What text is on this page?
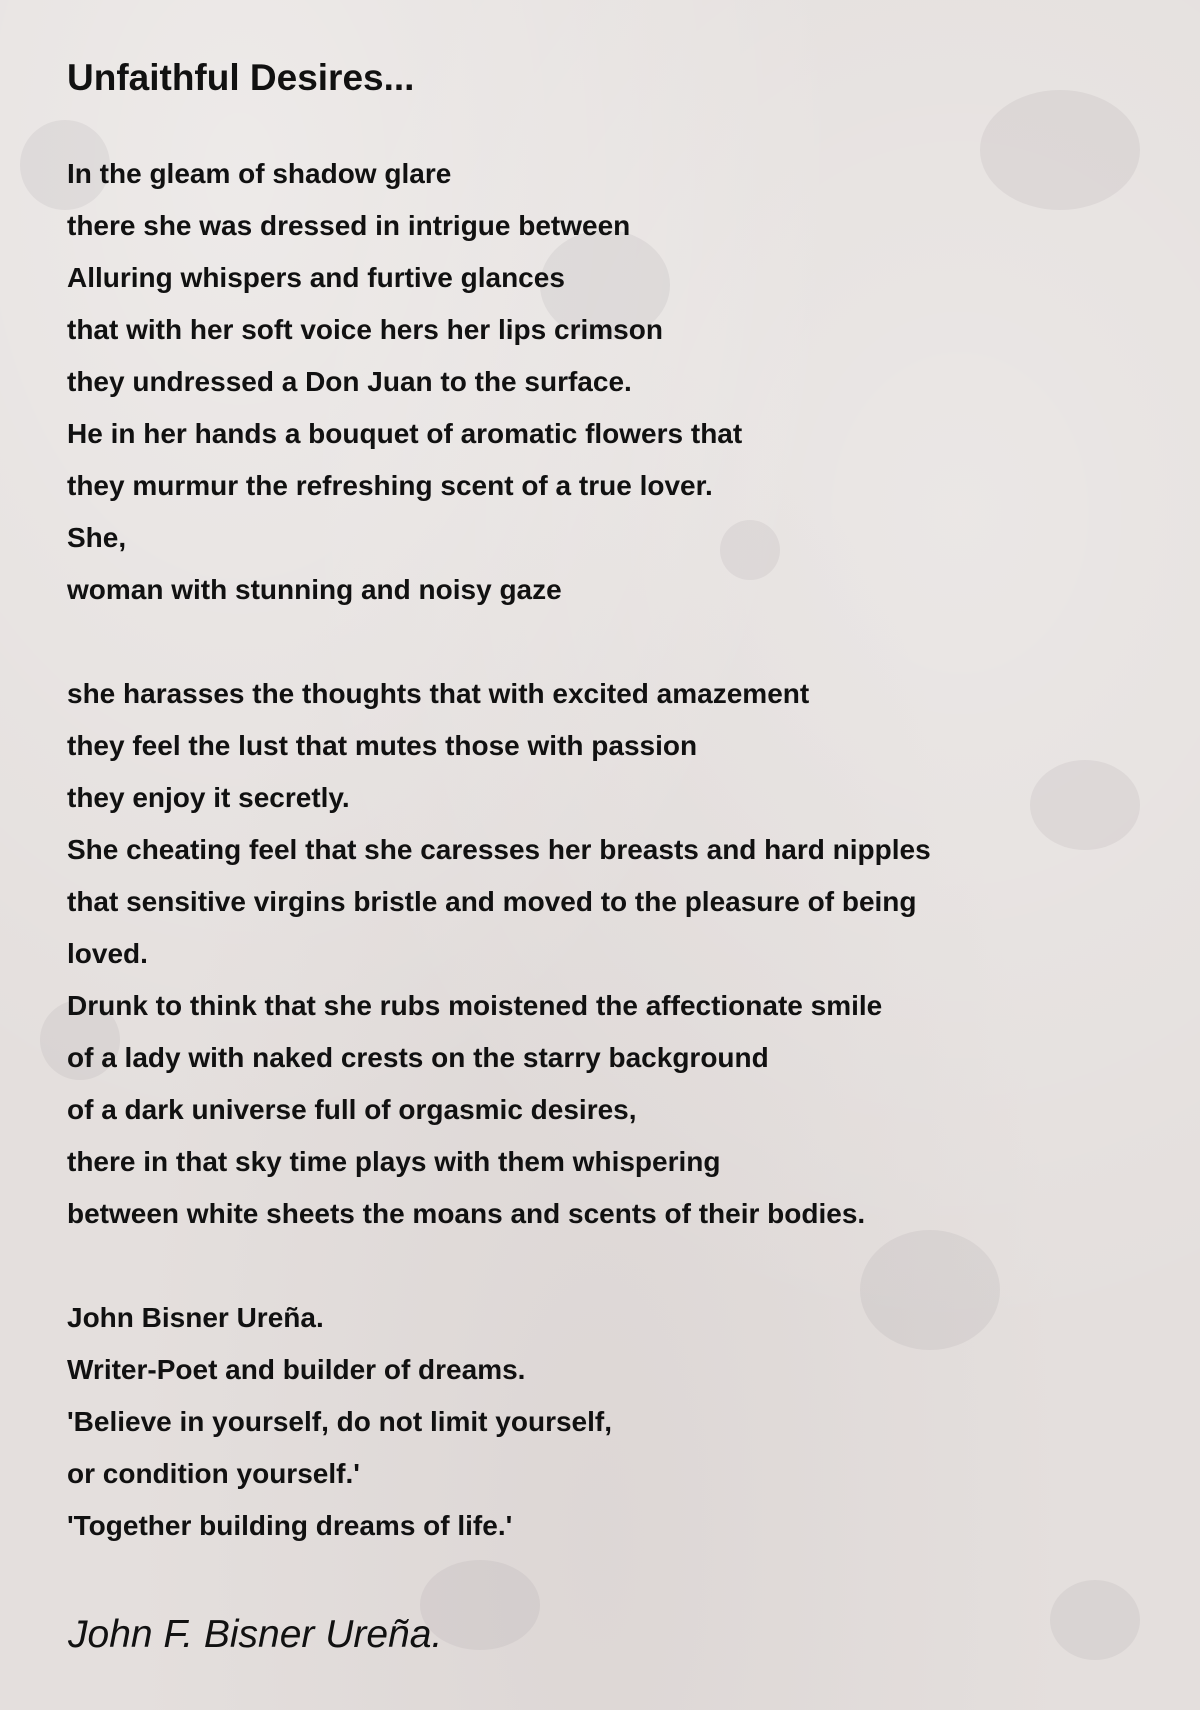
Unfaithful Desires...
In the gleam of shadow glare
there she was dressed in intrigue between
Alluring whispers and furtive glances
that with her soft voice hers her lips crimson
they undressed a Don Juan to the surface.
He in her hands a bouquet of aromatic flowers that
they murmur the refreshing scent of a true lover.
She,
woman with stunning and noisy gaze
she harasses the thoughts that with excited amazement
they feel the lust that mutes those with passion
they enjoy it secretly.
She cheating feel that she caresses her breasts and hard nipples
that sensitive virgins bristle and moved to the pleasure of being
loved.
Drunk to think that she rubs moistened the affectionate smile
of a lady with naked crests on the starry background
of a dark universe full of orgasmic desires,
there in that sky time plays with them whispering
between white sheets the moans and scents of their bodies.
John Bisner Ureña.
Writer-Poet and builder of dreams.
'Believe in yourself, do not limit yourself,
or condition yourself.'
'Together building dreams of life.'
John F. Bisner Ureña.
